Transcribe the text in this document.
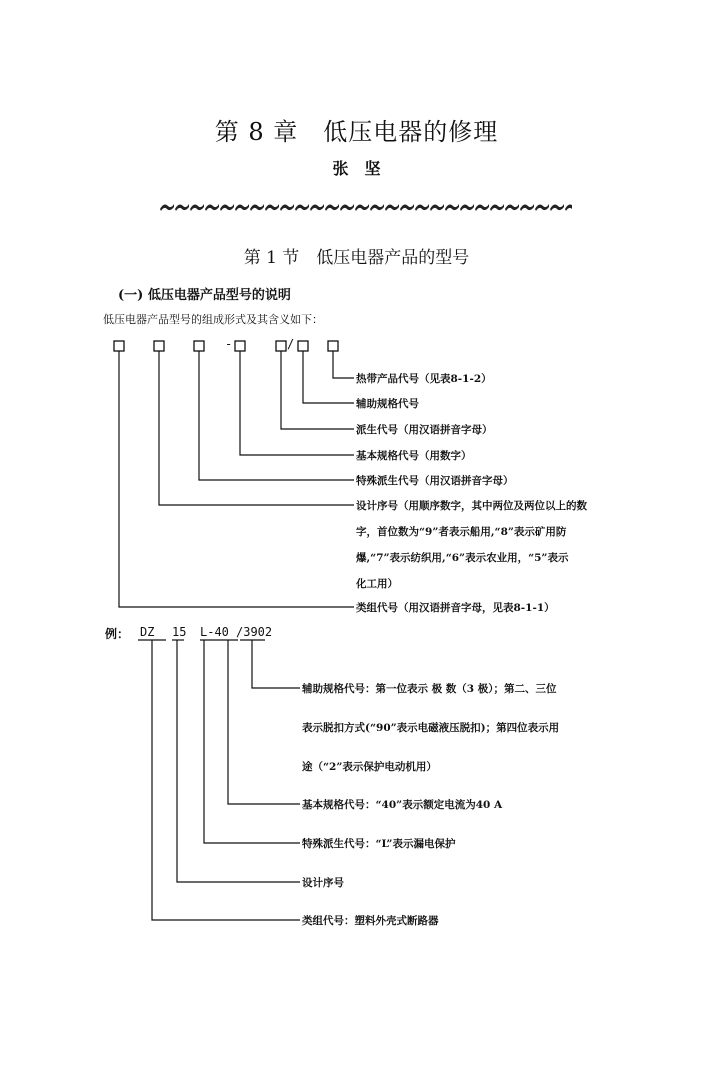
第 8 章　低压电器的修理
张　坚
第 1 节　低压电器产品的型号
(一) 低压电器产品型号的说明
低压电器产品型号的组成形式及其含义如下：
-	/
热带产品代号（见表8-1-2）
辅助规格代号
派生代号（用汉语拼音字母）
基本规格代号（用数字）
特殊派生代号（用汉语拼音字母）
设计序号（用顺序数字，其中两位及两位以上的数
字，首位数为“9”者表示船用,“8”表示矿用防
爆,“7”表示纺织用,“6”表示农业用，“5”表示
化工用）
类组代号（用汉语拼音字母，见表8-1-1）
例： DZ 15 L-40 /3902
辅助规格代号：第一位表示 极 数（3 极）；第二、三位
表示脱扣方式(“90”表示电磁液压脱扣)；第四位表示用
途（“2”表示保护电动机用）
基本规格代号：“40”表示额定电流为40 A
特殊派生代号：“L”表示漏电保护
设计序号
类组代号：塑料外壳式断路器
